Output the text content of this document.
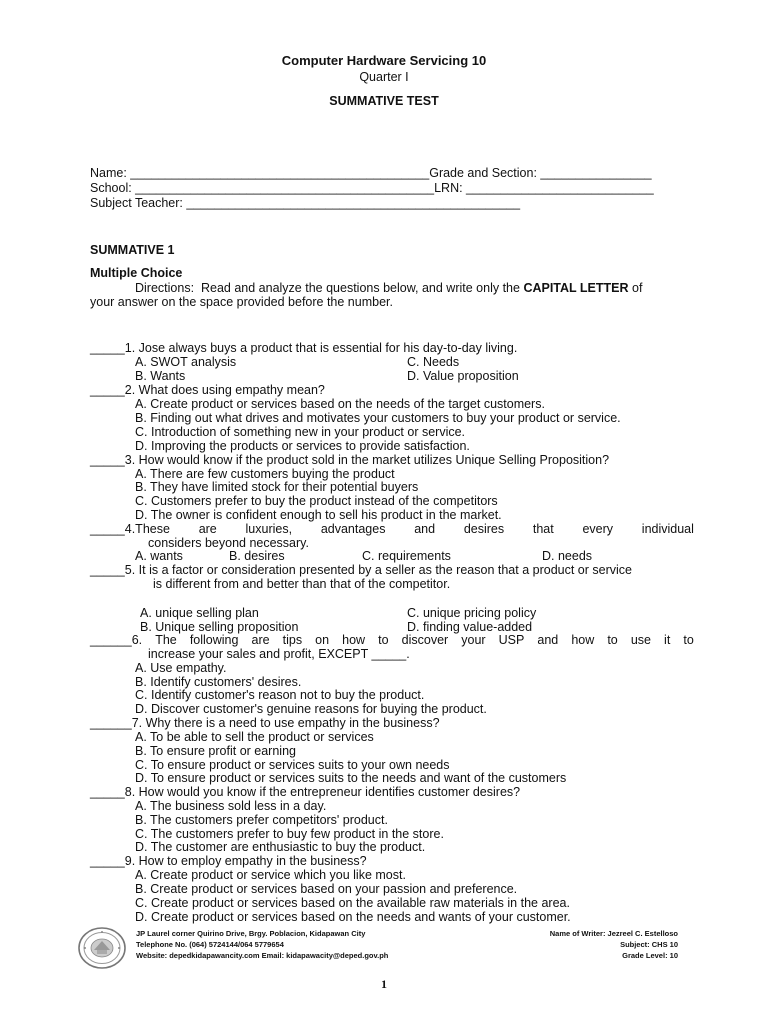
Computer Hardware Servicing 10
Quarter I
SUMMATIVE TEST
Name: ___________________________________________Grade and Section: ________________
School: ___________________________________________LRN: ___________________________
Subject Teacher: ________________________________________________
SUMMATIVE 1
Multiple Choice
Directions:  Read and analyze the questions below, and write only the CAPITAL LETTER of
your answer on the space provided before the number.
_____1. Jose always buys a product that is essential for his day-to-day living.
A. SWOT analysis	C. Needs
B. Wants	D. Value proposition
_____2. What does using empathy mean?
A. Create product or services based on the needs of the target customers.
B. Finding out what drives and motivates your customers to buy your product or service.
C. Introduction of something new in your product or service.
D. Improving the products or services to provide satisfaction.
_____3. How would know if the product sold in the market utilizes Unique Selling Proposition?
A. There are few customers buying the product
B. They have limited stock for their potential buyers
C. Customers prefer to buy the product instead of the competitors
D. The owner is confident enough to sell his product in the market.
_____4.These are luxuries, advantages and desires that every individual
considers beyond necessary.
A. wants	B. desires	C. requirements	D. needs
_____5. It is a factor or consideration presented by a seller as the reason that a product or service
is different from and better than that of the competitor.
A. unique selling plan	C. unique pricing policy
B. Unique selling proposition	D. finding value-added
______6. The following are tips on how to discover your USP and how to use it to
increase your sales and profit, EXCEPT _____.
A. Use empathy.
B. Identify customers' desires.
C. Identify customer's reason not to buy the product.
D. Discover customer's genuine reasons for buying the product.
______7. Why there is a need to use empathy in the business?
A. To be able to sell the product or services
B. To ensure profit or earning
C. To ensure product or services suits to your own needs
D. To ensure product or services suits to the needs and want of the customers
_____8. How would you know if the entrepreneur identifies customer desires?
A. The business sold less in a day.
B. The customers prefer competitors' product.
C. The customers prefer to buy few product in the store.
D. The customer are enthusiastic to buy the product.
_____9. How to employ empathy in the business?
A. Create product or service which you like most.
B. Create product or services based on your passion and preference.
C. Create product or services based on the available raw materials in the area.
D. Create product or services based on the needs and wants of your customer.
JP Laurel corner Quirino Drive, Brgy. Poblacion, Kidapawan City
Telephone No. (064) 5724144/064 5779654
Website: depedkidapawancity.com Email: kidapawacity@deped.gov.ph
Name of Writer: Jezreel C. Estelloso
Subject: CHS 10
Grade Level: 10
1
